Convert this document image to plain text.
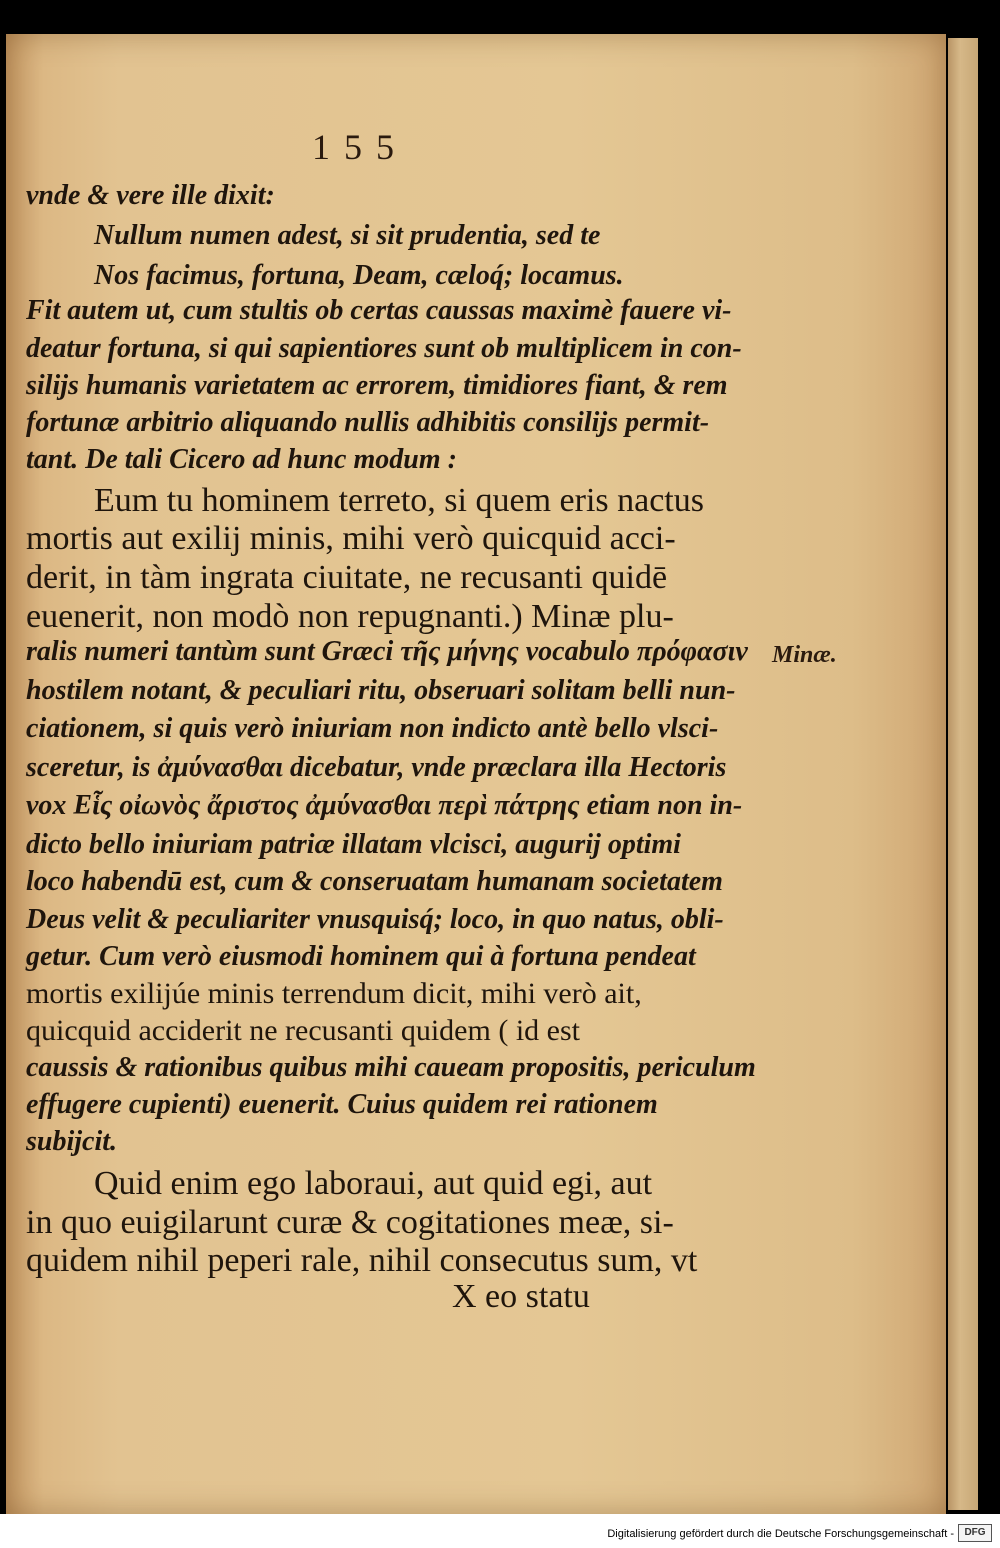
155
vnde & vere ille dixit:
Nullum numen adest, si sit prudentia, sed te
Nos facimus, fortuna, Deam, cæloq́; locamus.
Fit autem ut, cum stultis ob certas caussas maximè fauere vi-
deatur fortuna, si qui sapientiores sunt ob multiplicem in con-
silijs humanis varietatem ac errorem, timidiores fiant, & rem
fortunæ arbitrio aliquando nullis adhibitis consilijs permit-
tant. De tali Cicero ad hunc modum :
Eum tu hominem terreto, si quem eris nactus
mortis aut exilij minis, mihi verò quicquid acci-
derit, in tàm ingrata ciuitate, ne recusanti quidē
euenerit, non modò non repugnanti.) Minæ plu-
ralis numeri tantùm sunt Græci τῆς μήνης vocabulo πρόφασιν
hostilem notant, & peculiari ritu, obseruari solitam belli nun-
ciationem, si quis verò iniuriam non indicto antè bello vlsci-
sceretur, is ἀμύνασθαι dicebatur, vnde præclara illa Hectoris
vox Εἷς οἰωνὸς ἄριστος ἀμύνασθαι περὶ πάτρης etiam non in-
dicto bello iniuriam patriæ illatam vlcisci, augurij optimi
loco habendū est, cum & conseruatam humanam societatem
Deus velit & peculiariter vnusquisq́; loco, in quo natus, obli-
getur. Cum verò eiusmodi hominem qui à fortuna pendeat
mortis exilijúe minis terrendum dicit, mihi verò ait,
quicquid acciderit ne recusanti quidem ( id est
caussis & rationibus quibus mihi caueam propositis, periculum
effugere cupienti) euenerit. Cuius quidem rei rationem
subijcit.
Quid enim ego laboraui, aut quid egi, aut
in quo euigilarunt curæ & cogitationes meæ, si-
quidem nihil peperi rale, nihil consecutus sum, vt
X eo statu
Minæ.
Digitalisierung gefördert durch die Deutsche Forschungsgemeinschaft -	DFG
